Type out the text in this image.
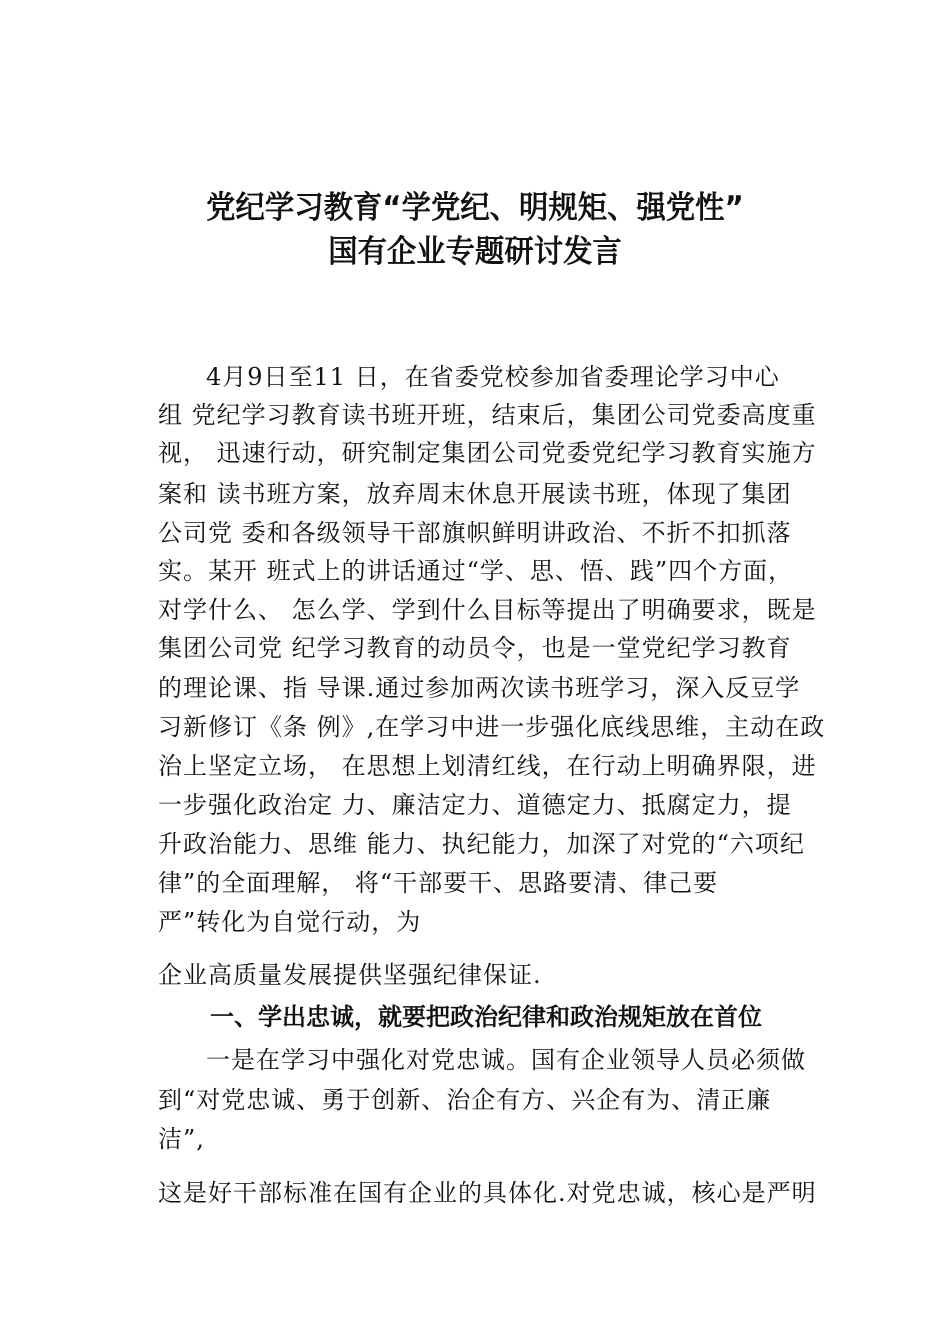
党纪学习教育“学党纪、明规矩、强党性”
国有企业专题研讨发言
4月9日至11 日，在省委党校参加省委理论学习中心
组 党纪学习教育读书班开班，结束后，集团公司党委高度重
视， 迅速行动，研究制定集团公司党委党纪学习教育实施方
案和 读书班方案，放弃周末休息开展读书班，体现了集团
公司党 委和各级领导干部旗帜鲜明讲政治、不折不扣抓落
实。某开 班式上的讲话通过“学、思、悟、践”四个方面，
对学什么、 怎么学、学到什么目标等提出了明确要求，既是
集团公司党 纪学习教育的动员令，也是一堂党纪学习教育
的理论课、指 导课.通过参加两次读书班学习，深入反豆学
习新修订《条 例》,在学习中进一步强化底线思维，主动在政
治上坚定立场， 在思想上划清红线，在行动上明确界限，进
一步强化政治定 力、廉洁定力、道德定力、抵腐定力，提
升政治能力、思维 能力、执纪能力，加深了对党的“六项纪
律”的全面理解， 将“干部要干、思路要清、律己要
严”转化为自觉行动，为
企业高质量发展提供坚强纪律保证.
一、学出忠诚，就要把政治纪律和政治规矩放在首位
一是在学习中强化对党忠诚。国有企业领导人员必须做
到“对党忠诚、勇于创新、治企有方、兴企有为、清正廉
洁”,
这是好干部标准在国有企业的具体化.对党忠诚，核心是严明
